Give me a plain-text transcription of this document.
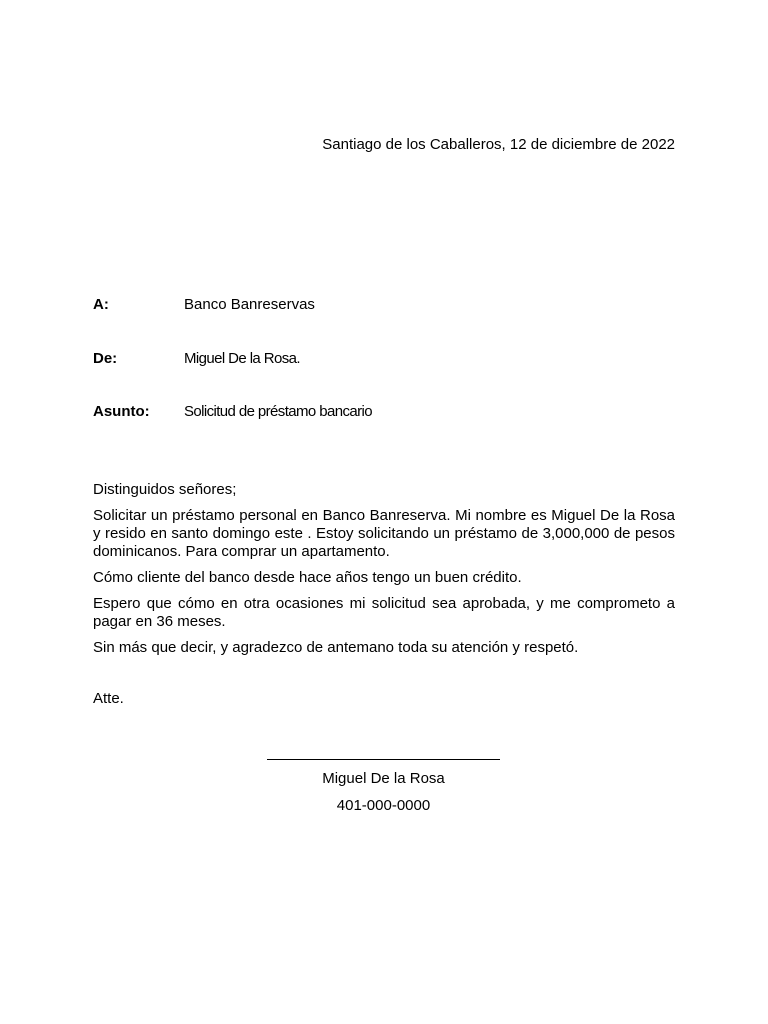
Santiago de los Caballeros, 12 de diciembre de 2022
A:	Banco Banreservas
De:	Miguel De la Rosa.
Asunto: Solicitud de préstamo bancario
Distinguidos señores;

Solicitar un préstamo personal en Banco Banreserva. Mi nombre es Miguel De la Rosa y resido en santo domingo este . Estoy solicitando un préstamo de 3,000,000 de pesos dominicanos. Para comprar un apartamento.

Cómo cliente del banco desde hace años tengo un buen crédito.

Espero que cómo en otra ocasiones mi solicitud sea aprobada, y me comprometo a pagar en 36 meses.

Sin más que decir, y agradezco de antemano toda su atención y respetó.

Atte.
Miguel De la Rosa
401-000-0000
